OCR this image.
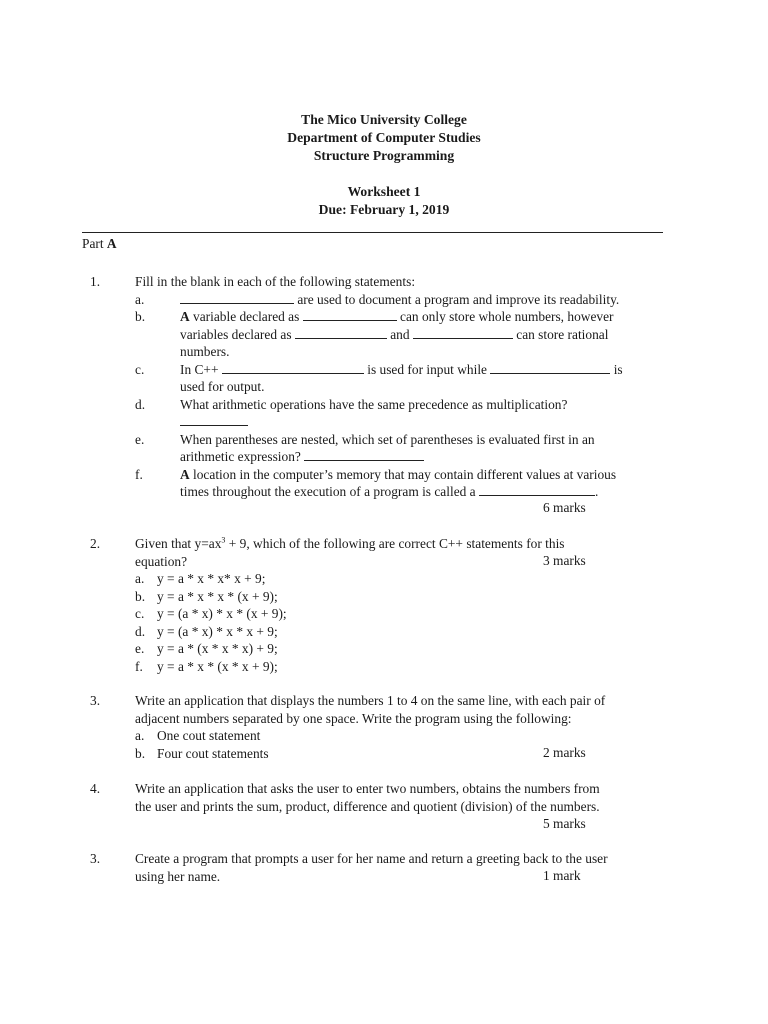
The Mico University College
Department of Computer Studies
Structure Programming
Worksheet 1
Due: February 1, 2019
Part A
1.	Fill in the blank in each of the following statements:
a.	are used to document a program and improve its readability.
b.	A variable declared as	can only store whole numbers, however
variables declared as	and	can store rational
numbers.
c.	In C++	is used for input while	is
used for output.
d.	What arithmetic operations have the same precedence as multiplication?
e.	When parentheses are nested, which set of parentheses is evaluated first in an
arithmetic expression?
f.	A location in the computer’s memory that may contain different values at various
times throughout the execution of a program is called a	.
6 marks
2.	Given that $y=ax^3 + 9$, which of the following are correct C++ statements for this
equation?
a. y = a * x * x* x + 9;
b. y = a * x * x * (x + 9);
c. y = (a * x) * x * (x + 9);
d. y = (a * x) * x * x + 9;
e. y = a * (x * x * x) + 9;
f. y = a * x * (x * x + 9);
3 marks
3.	Write an application that displays the numbers 1 to 4 on the same line, with each pair of
adjacent numbers separated by one space. Write the program using the following:
a. One cout statement
b. Four cout statements	2 marks
4.	Write an application that asks the user to enter two numbers, obtains the numbers from
the user and prints the sum, product, difference and quotient (division) of the numbers.
5 marks
3.	Create a program that prompts a user for her name and return a greeting back to the user
using her name.	1 mark
